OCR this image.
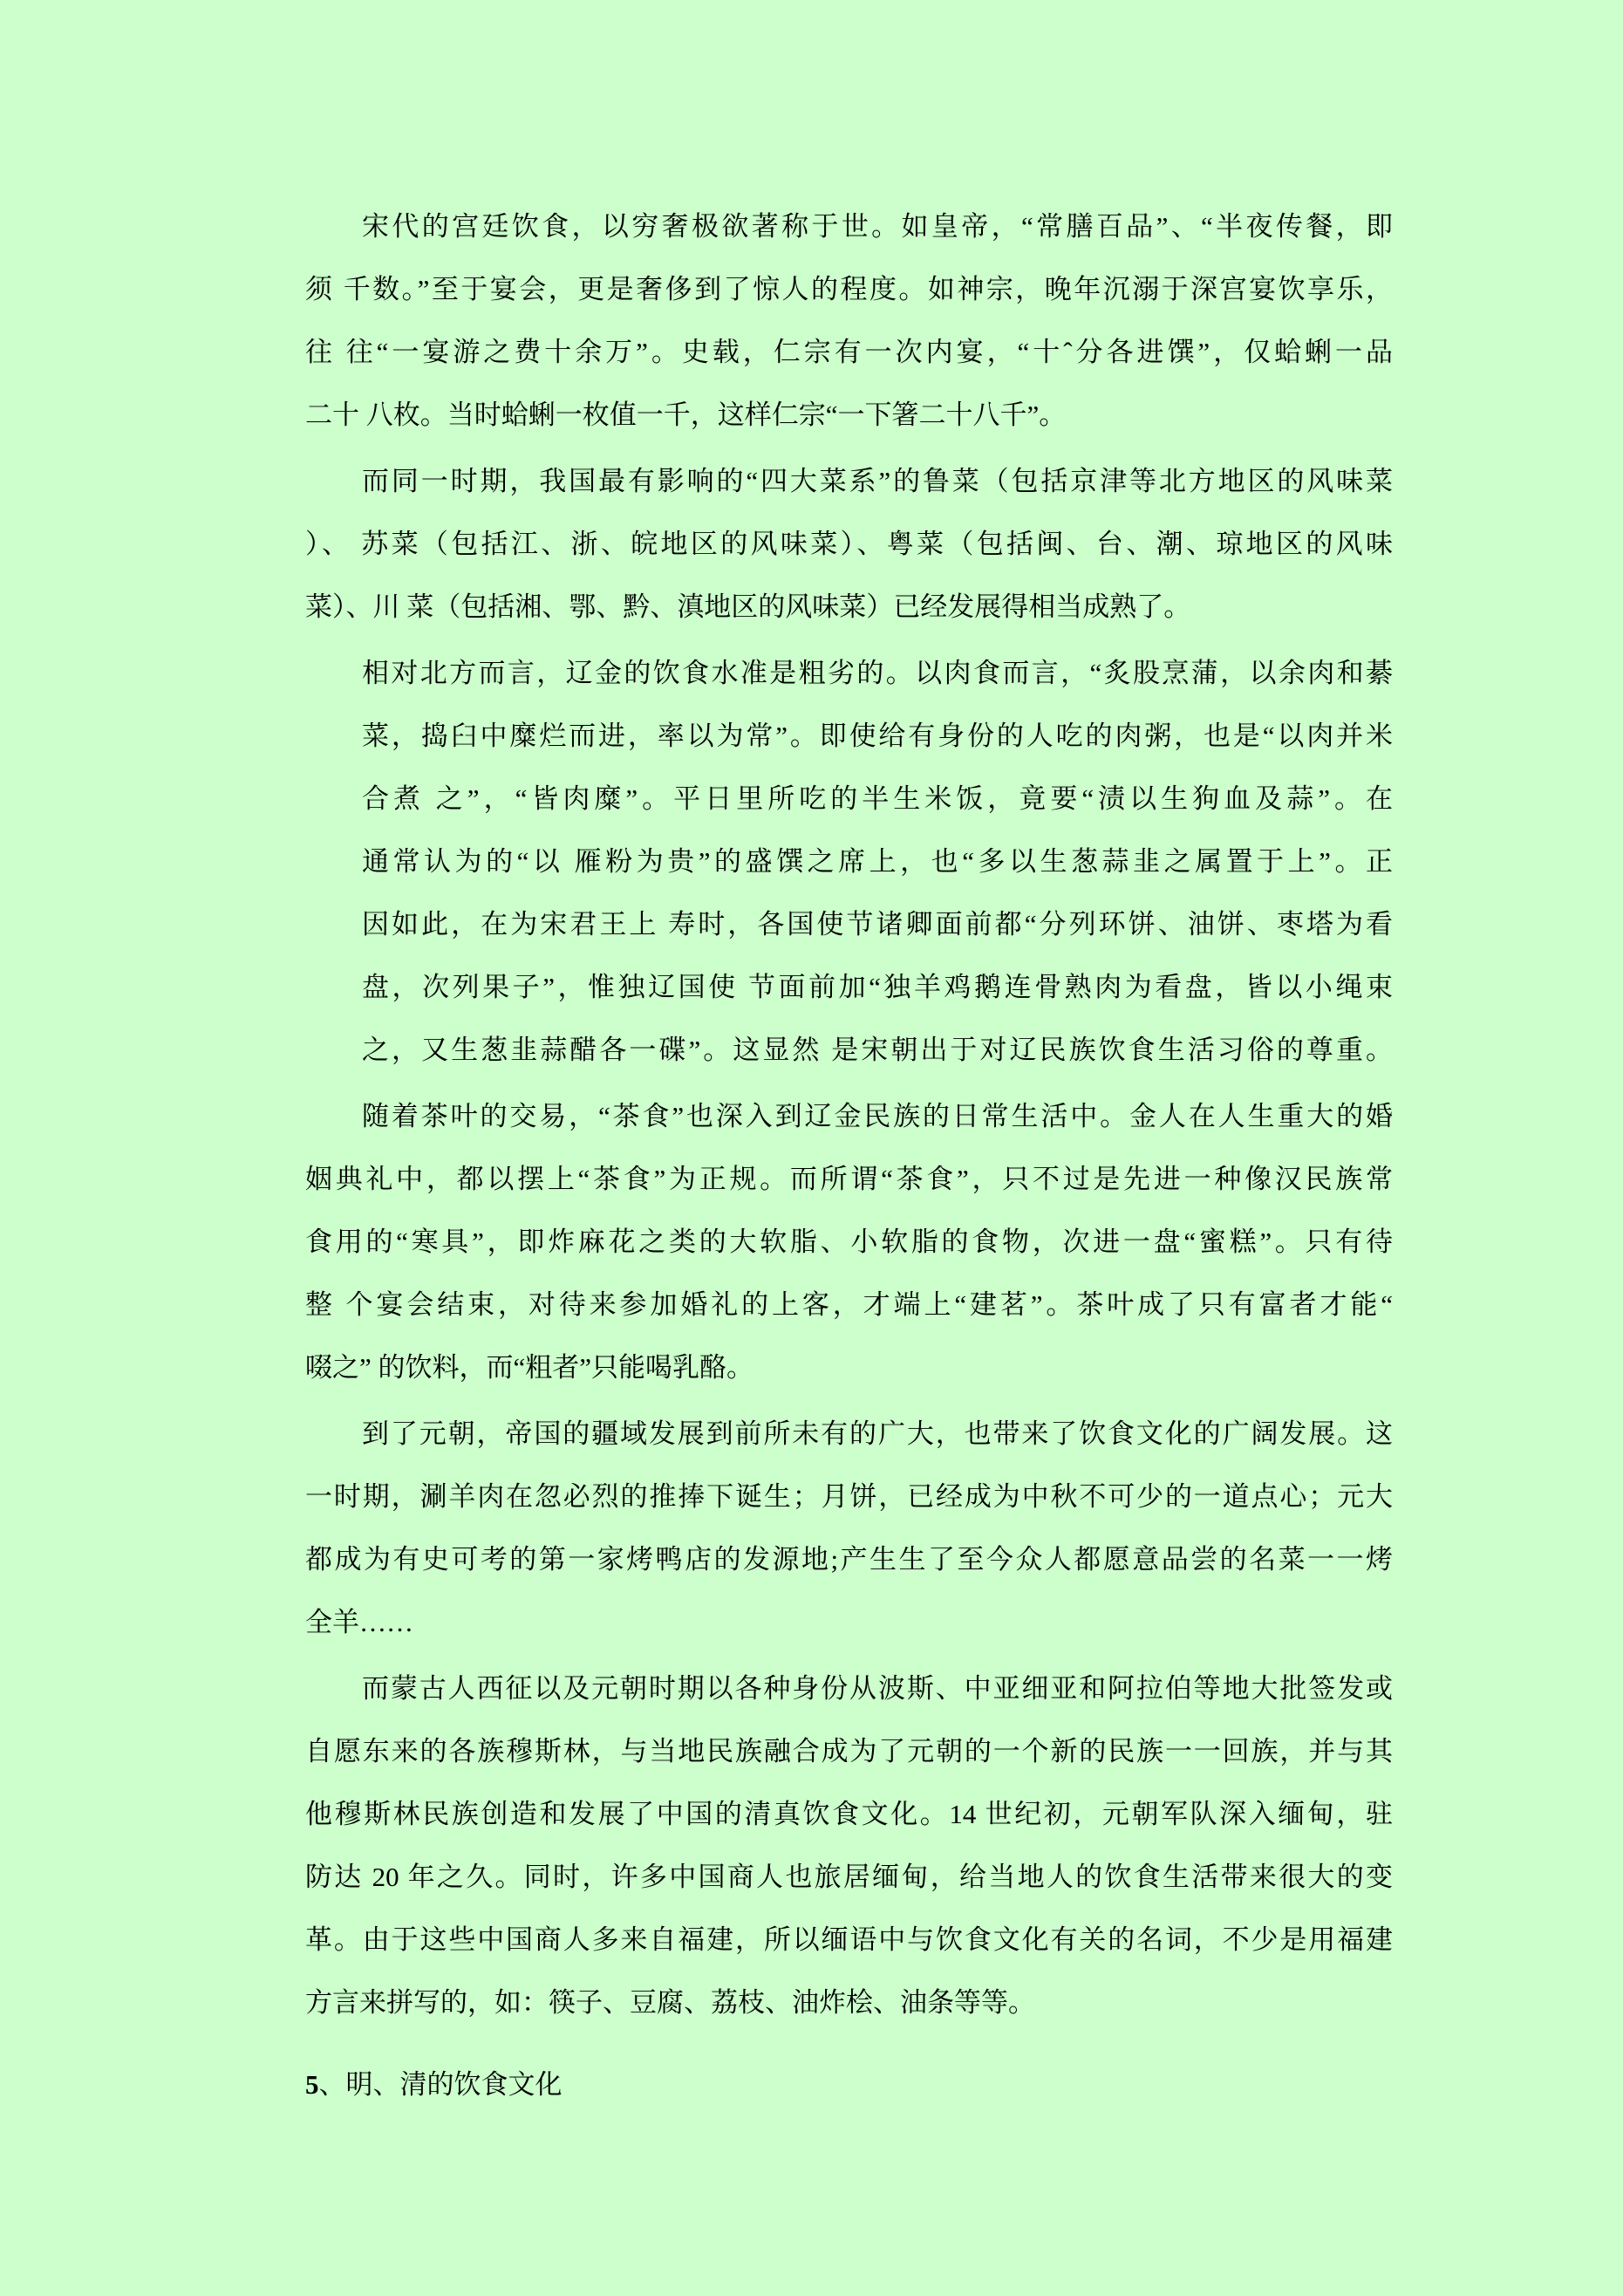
宋代的宫廷饮食，以穷奢极欲著称于世。如皇帝，“常膳百品”、“半夜传餐，即
须 千数。”至于宴会，更是奢侈到了惊人的程度。如神宗，晚年沉溺于深宫宴饮享乐，
往 往“一宴游之费十余万”。史载，仁宗有一次内宴，“十ˆ分各进馔”，仅蛤蜊一品
二十 八枚。当时蛤蜊一枚值一千，这样仁宗“一下箸二十八千”。
而同一时期，我国最有影响的“四大菜系”的鲁菜（包括京津等北方地区的风味菜
）、 苏菜（包括江、浙、皖地区的风味菜）、粤菜（包括闽、台、潮、琼地区的风味
菜）、川 菜（包括湘、鄂、黔、滇地区的风味菜）已经发展得相当成熟了。
相对北方而言，辽金的饮食水准是粗劣的。以肉食而言，“炙股烹蒲，以余肉和綦
菜，捣臼中糜烂而进，率以为常”。即使给有身份的人吃的肉粥，也是“以肉并米
合煮 之”，“皆肉糜”。平日里所吃的半生米饭，竟要“渍以生狗血及蒜”。在
通常认为的“以 雁粉为贵”的盛馔之席上，也“多以生葱蒜韭之属置于上”。正
因如此，在为宋君王上 寿时，各国使节诸卿面前都“分列环饼、油饼、枣塔为看
盘，次列果子”，惟独辽国使 节面前加“独羊鸡鹅连骨熟肉为看盘，皆以小绳束
之，又生葱韭蒜醋各一碟”。这显然 是宋朝出于对辽民族饮食生活习俗的尊重。
随着茶叶的交易，“茶食”也深入到辽金民族的日常生活中。金人在人生重大的婚
姻典礼中，都以摆上“茶食”为正规。而所谓“茶食”，只不过是先进一种像汉民族常
食用的“寒具”，即炸麻花之类的大软脂、小软脂的食物，次进一盘“蜜糕”。只有待
整 个宴会结束，对待来参加婚礼的上客，才端上“建茗”。茶叶成了只有富者才能“
啜之” 的饮料，而“粗者”只能喝乳酪。
到了元朝，帝国的疆域发展到前所未有的广大，也带来了饮食文化的广阔发展。这
一时期，涮羊肉在忽必烈的推捧下诞生；月饼，已经成为中秋不可少的一道点心；元大
都成为有史可考的第一家烤鸭店的发源地;产生生了至今众人都愿意品尝的名菜一一烤
全羊……
而蒙古人西征以及元朝时期以各种身份从波斯、中亚细亚和阿拉伯等地大批签发或
自愿东来的各族穆斯林，与当地民族融合成为了元朝的一个新的民族一一回族，并与其
他穆斯林民族创造和发展了中国的清真饮食文化。14 世纪初，元朝军队深入缅甸，驻
防达 20 年之久。同时，许多中国商人也旅居缅甸，给当地人的饮食生活带来很大的变
革。由于这些中国商人多来自福建，所以缅语中与饮食文化有关的名词，不少是用福建
方言来拼写的，如：筷子、豆腐、荔枝、油炸桧、油条等等。
5、明、清的饮食文化
